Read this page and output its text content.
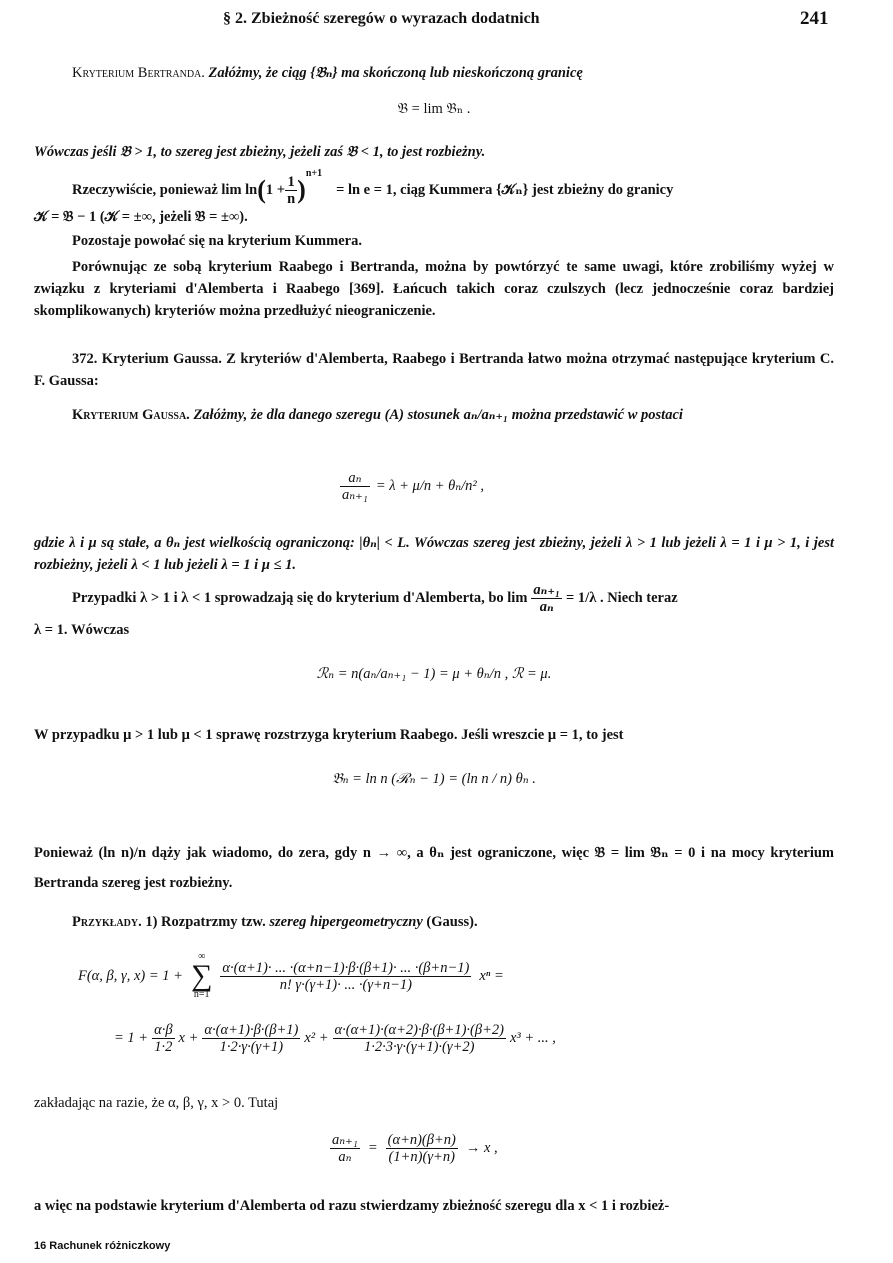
§ 2. Zbieżność szeregów o wyrazach dodatnich	241
Kryterium Bertranda. Załóżmy, że ciąg {𝔅ₙ} ma skończoną lub nieskończoną granicę
𝔅 = lim 𝔅ₙ .
Wówczas jeśli 𝔅 > 1, to szereg jest zbieżny, jeżeli zaś 𝔅 < 1, to jest rozbieżny.
Rzeczywiście, ponieważ lim ln ( $1 + \frac{1}{n}$ )
n+1
= ln e = 1, ciąg Kummera {𝒦ₙ} jest zbieżny do granicy
𝒦 = 𝔅 − 1 (𝒦 = ±∞, jeżeli 𝔅 = ±∞).
Pozostaje powołać się na kryterium Kummera.
Porównując ze sobą kryterium Raabego i Bertranda, można by powtórzyć te same uwagi, które zrobiliśmy wyżej w związku z kryteriami d'Alemberta i Raabego [369]. Łańcuch takich coraz czulszych (lecz jednocześnie coraz bardziej skomplikowanych) kryteriów można przedłużyć nieograniczenie.
372. Kryterium Gaussa. Z kryteriów d'Alemberta, Raabego i Bertranda łatwo można otrzymać następujące kryterium C. F. Gaussa:
Kryterium Gaussa. Załóżmy, że dla danego szeregu (A) stosunek aₙ/aₙ₊₁ można przedstawić w postaci
$\frac{\text{aₙ}}{\text{aₙ₊₁}} = \lambda + \mu/n + \theta_n/n^2$ ,
gdzie λ i μ są stałe, a θₙ jest wielkością ograniczoną: |θₙ| < L. Wówczas szereg jest zbieżny, jeżeli λ > 1 lub jeżeli λ = 1 i μ > 1, i jest rozbieżny, jeżeli λ < 1 lub jeżeli λ = 1 i μ ≤ 1.
Przypadki λ > 1 i λ < 1 sprowadzają się do kryterium d'Alemberta, bo $\lim \frac{\text{aₙ₊₁}}{\text{aₙ}} = 1/\lambda$ . Niech teraz
λ = 1. Wówczas
ℛₙ = n(aₙ/aₙ₊₁ − 1) = μ + θₙ/n , ℛ = μ.
W przypadku μ > 1 lub μ < 1 sprawę rozstrzyga kryterium Raabego. Jeśli wreszcie μ = 1, to jest
𝔅ₙ = ln n (ℛₙ − 1) = (ln n / n) θₙ .
Ponieważ (ln n)/n dąży jak wiadomo, do zera, gdy n → ∞, a θₙ jest ograniczone, więc 𝔅 = lim 𝔅ₙ = 0 i na mocy kryterium Bertranda szereg jest rozbieżny.
Przykłady. 1) Rozpatrzmy tzw. szereg hipergeometryczny (Gauss).
F(α, β, γ, x) = 1 +
∞
∑
n=1
$\frac{\alpha\cdot(\alpha+1)\cdot ... \cdot(\alpha+n-1)\cdot\beta\cdot(\beta+1)\cdot ... \cdot(\beta+n-1)}{n! \gamma\cdot(\gamma+1)\cdot ... \cdot(\gamma+n-1)}$ xⁿ =
= $1 + \frac{\alpha\cdot\beta}{1\cdot 2}$ $x + \frac{\alpha\cdot(\alpha+1)\cdot\beta\cdot(\beta+1)}{1\cdot 2\cdot\gamma\cdot(\gamma+1)} x^2 + \frac{\alpha\cdot(\alpha+1)\cdot(\alpha+2)\cdot\beta\cdot(\beta+1)\cdot(\beta+2)}{1\cdot 2\cdot 3\cdot\gamma\cdot(\gamma+1)\cdot(\gamma+2)} x^3$ + ... ,
zakładając na razie, że α, β, γ, x > 0. Tutaj
$\frac{\text{aₙ₊₁}}{\text{aₙ}} = \frac{(\alpha+n)(\beta+n)}{(1+n)(\gamma+n)} \to x$ ,
a więc na podstawie kryterium d'Alemberta od razu stwierdzamy zbieżność szeregu dla x < 1 i rozbież-
16 Rachunek różniczkowy
